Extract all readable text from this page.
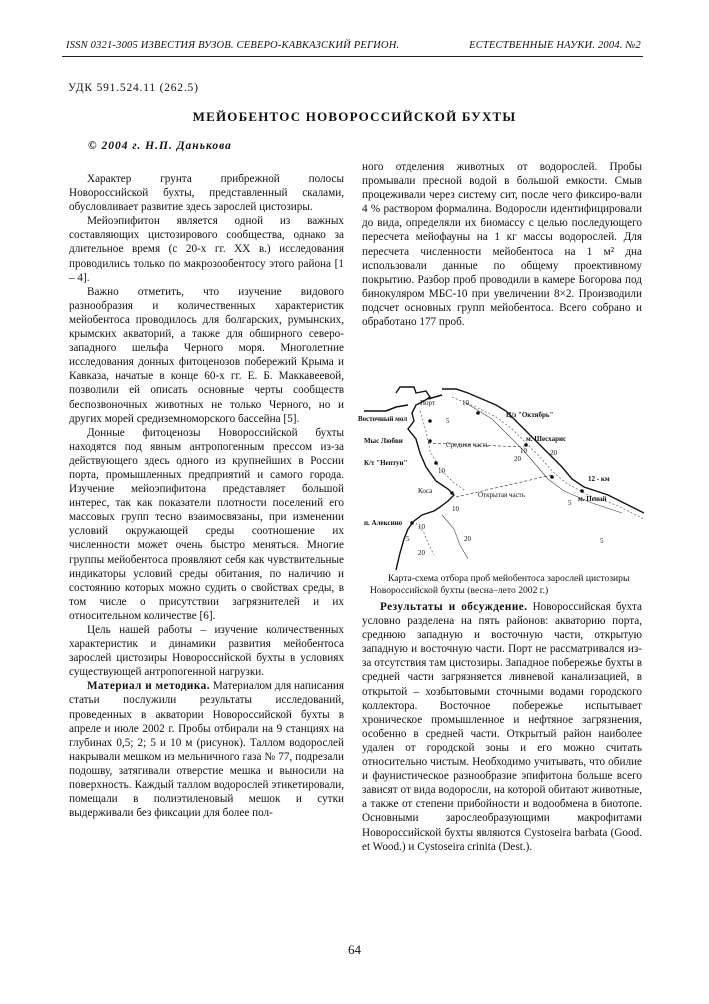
ISSN 0321-3005 ИЗВЕСТИЯ ВУЗОВ. СЕВЕРО-КАВКАЗСКИЙ РЕГИОН.	ЕСТЕСТВЕННЫЕ НАУКИ. 2004. №2
УДК 591.524.11 (262.5)
МЕЙОБЕНТОС НОВОРОССИЙСКОЙ БУХТЫ
© 2004 г. Н.П. Данькова

Характер грунта прибрежной полосы Новороссийской бухты, представленный скалами, обусловливает развитие здесь зарослей цистозиры.

Мейоэпифитон является одной из важных составляющих цистозирового сообщества, однако за длительное время (с 20-х гг. XX в.) исследования проводились только по макрозообентосу этого района [1 – 4].

Важно отметить, что изучение видового разнообразия и количественных характеристик мейобентоса проводилось для болгарских, румынских, крымских акваторий, а также для обширного северо-западного шельфа Черного моря. Многолетние исследования донных фитоценозов побережий Крыма и Кавказа, начатые в конце 60-х гг. Е. Б. Маккавеевой, позволили ей описать основные черты сообществ беспозвоночных животных не только Черного, но и других морей средиземноморского бассейна [5].

Донные фитоценозы Новороссийской бухты находятся под явным антропогенным прессом из-за действующего здесь одного из крупнейших в России порта, промышленных предприятий и самого города. Изучение мейоэпифитона представляет большой интерес, так как показатели плотности поселений его массовых групп тесно взаимосвязаны, при изменении условий окружающей среды соотношение их численности может очень быстро меняться. Многие группы мейобентоса проявляют себя как чувствительные индикаторы условий среды обитания, по наличию и состоянию которых можно судить о свойствах среды, в том числе о присутствии загрязнителей и их относительном количестве [6].

Цель нашей работы – изучение количественных характеристик и динамики развития мейобентоса зарослей цистозиры Новороссийской бухты в условиях существующей антропогенной нагрузки.

Материал и методика. Материалом для написания статьи послужили результаты исследований, проведенных в акватории Новороссийской бухты в апреле и июле 2002 г. Пробы отбирали на 9 станциях на глубинах 0,5; 2; 5 и 10 м (рисунок). Таллом водорослей накрывали мешком из мельничного газа № 77, подрезали подошву, затягивали отверстие мешка и выносили на поверхность. Каждый таллом водорослей этикетировали, помещали в полиэтиленовый мешок и сутки выдерживали без фиксации для более пол-

ного отделения животных от водорослей. Пробы промывали пресной водой в большой емкости. Смыв процеживали через систему сит, после чего фиксиро-вали 4 % раствором формалина. Водоросли идентифицировали до вида, определяли их биомассу с целью последующего пересчета мейофауны на 1 кг массы водорослей. Для пересчета численности мейобентоса на 1 м² дна использовали данные по общему проективному покрытию. Разбор проб проводили в камере Богорова под бинокуляром МБС-10 при увеличении 8×2. Производили подсчет основных групп мейобентоса. Всего собрано и обработано 177 проб.

Порт
Восточный мол	Ц/з "Октябрь"
Мыс Любви	Средняя часть
м. Шесхарис
К/т "Нептун"
12 - км
Коса	Открытая часть	м. Пенай
п. Алексино
10
5
10
20
10	20
5
10
5
20
10
20	5
Карта-схема отбора проб мейобентоса зарослей цистозиры Новороссийской бухты (весна–лето 2002 г.)

Результаты и обсуждение. Новороссийская бухта условно разделена на пять районов: акваторию порта, среднюю западную и восточную части, открытую западную и восточную части. Порт не рассматривался из-за отсутствия там цистозиры. Западное побережье бухты в средней части загрязняется ливневой канализацией, в открытой – хозбытовыми сточными водами городского коллектора. Восточное побережье испытывает хроническое промышленное и нефтяное загрязнения, особенно в средней части. Открытый район наиболее удален от городской зоны и его можно считать относительно чистым. Необходимо учитывать, что обилие и фаунистическое разнообразие эпифитона больше всего зависят от вида водоросли, на которой обитают животные, а также от степени прибойности и водообмена в биотопе. Основными зарослеобразующими макрофитами Новороссийской бухты являются Cystoseira barbata (Good. et Wood.) и Cystoseira crinita (Dest.).

64
